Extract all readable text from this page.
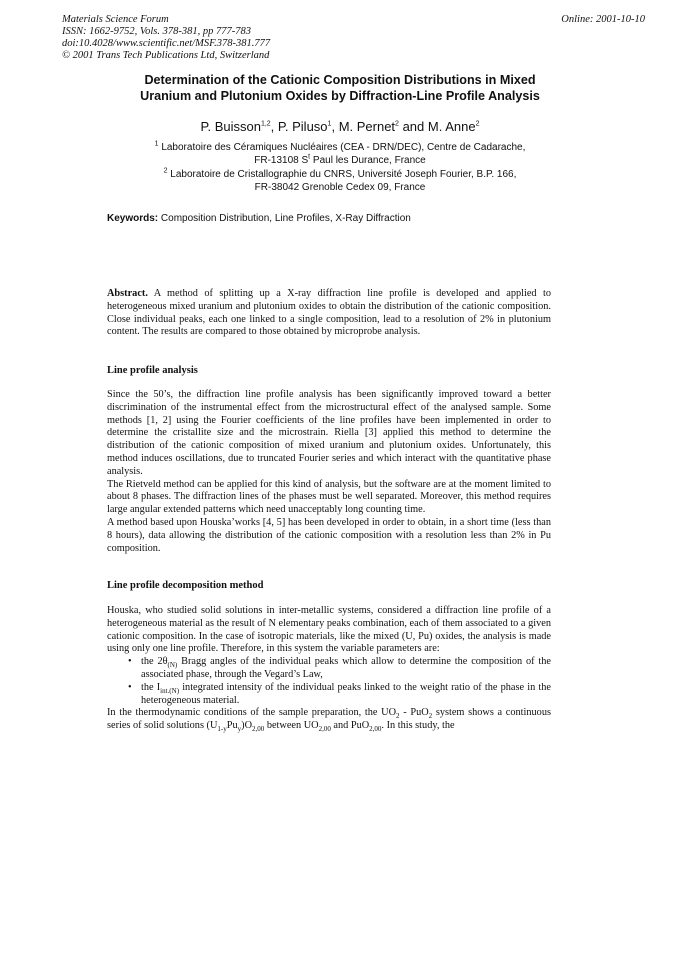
Materials Science Forum
ISSN: 1662-9752, Vols. 378-381, pp 777-783
doi:10.4028/www.scientific.net/MSF.378-381.777
© 2001 Trans Tech Publications Ltd, Switzerland
Online: 2001-10-10
Determination of the Cationic Composition Distributions in Mixed
Uranium and Plutonium Oxides by Diffraction-Line Profile Analysis
P. Buisson$^{1,2}$, P. Piluso$^1$, M. Pernet$^2$ and M. Anne$^2$
$^1$ Laboratoire des Céramiques Nucléaires (CEA - DRN/DEC), Centre de Cadarache,
FR-13108 $S^t$ Paul les Durance, France
$^2$ Laboratoire de Cristallographie du CNRS, Université Joseph Fourier, B.P. 166,
FR-38042 Grenoble Cedex 09, France
Keywords: Composition Distribution, Line Profiles, X-Ray Diffraction

Abstract. A method of splitting up a X-ray diffraction line profile is developed and applied to heterogeneous mixed uranium and plutonium oxides to obtain the distribution of the cationic composition. Close individual peaks, each one linked to a single composition, lead to a resolution of 2% in plutonium content. The results are compared to those obtained by microprobe analysis.

Line profile analysis

Since the 50’s, the diffraction line profile analysis has been significantly improved toward a better discrimination of the instrumental effect from the microstructural effect of the analysed sample. Some methods [1, 2] using the Fourier coefficients of the line profiles have been implemented in order to determine the cristallite size and the microstrain. Riella [3] applied this method to determine the distribution of the cationic composition of mixed uranium and plutonium oxides. Unfortunately, this method induces oscillations, due to truncated Fourier series and which interact with the quantitative phase analysis.

The Rietveld method can be applied for this kind of analysis, but the software are at the moment limited to about 8 phases. The diffraction lines of the phases must be well separated. Moreover, this method requires large angular extended patterns which need unacceptably long counting time.

A method based upon Houska’works [4, 5] has been developed in order to obtain, in a short time (less than 8 hours), data allowing the distribution of the cationic composition with a resolution less than 2% in Pu composition.

Line profile decomposition method

Houska, who studied solid solutions in inter-metallic systems, considered a diffraction line profile of a heterogeneous material as the result of N elementary peaks combination, each of them associated to a given cationic composition. In the case of isotropic materials, like the mixed (U, Pu) oxides, the analysis is made using only one line profile. Therefore, in this system the variable parameters are:

• the $2\theta_{(N)}$ Bragg angles of the individual peaks which allow to determine the composition of the associated phase, through the Vegard’s Law,
• the $I_{int.(N)}$ integrated intensity of the individual peaks linked to the weight ratio of the phase in the heterogeneous material.

In the thermodynamic conditions of the sample preparation, the $UO_2 - PuO_2$ system shows a continuous series of solid solutions $(U_{1-y}Pu_y)O_{2,00}$ between $UO_{2,00}$ and PuO$_{2,00}$. In this study, the
